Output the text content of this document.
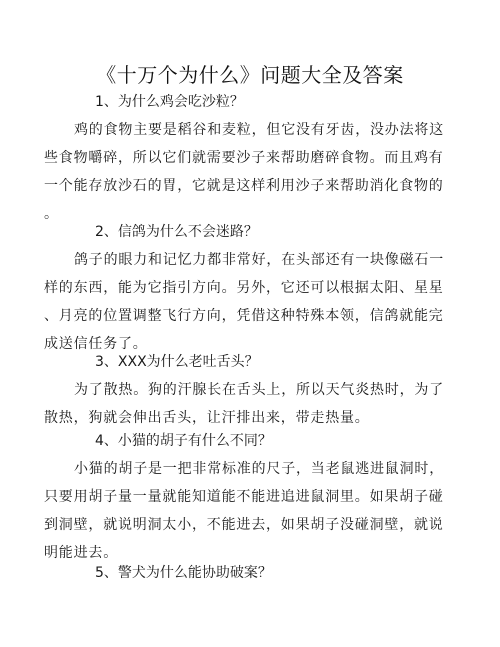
《十万个为什么》问题大全及答案
1、为什么鸡会吃沙粒？
鸡的食物主要是稻谷和麦粒，但它没有牙齿，没办法将这
些食物嚼碎，所以它们就需要沙子来帮助磨碎食物。而且鸡有
一个能存放沙石的胃，它就是这样利用沙子来帮助消化食物的
。
2、信鸽为什么不会迷路？
鸽子的眼力和记忆力都非常好，在头部还有一块像磁石一
样的东西，能为它指引方向。另外，它还可以根据太阳、星星
、月亮的位置调整飞行方向，凭借这种特殊本领，信鸽就能完
成送信任务了。
3、XXX为什么老吐舌头？
为了散热。狗的汗腺长在舌头上，所以天气炎热时，为了
散热，狗就会伸出舌头，让汗排出来，带走热量。
4、小猫的胡子有什么不同？
小猫的胡子是一把非常标准的尺子，当老鼠逃进鼠洞时，
只要用胡子量一量就能知道能不能进追进鼠洞里。如果胡子碰
到洞壁，就说明洞太小，不能进去，如果胡子没碰洞壁，就说
明能进去。
5、警犬为什么能协助破案？
